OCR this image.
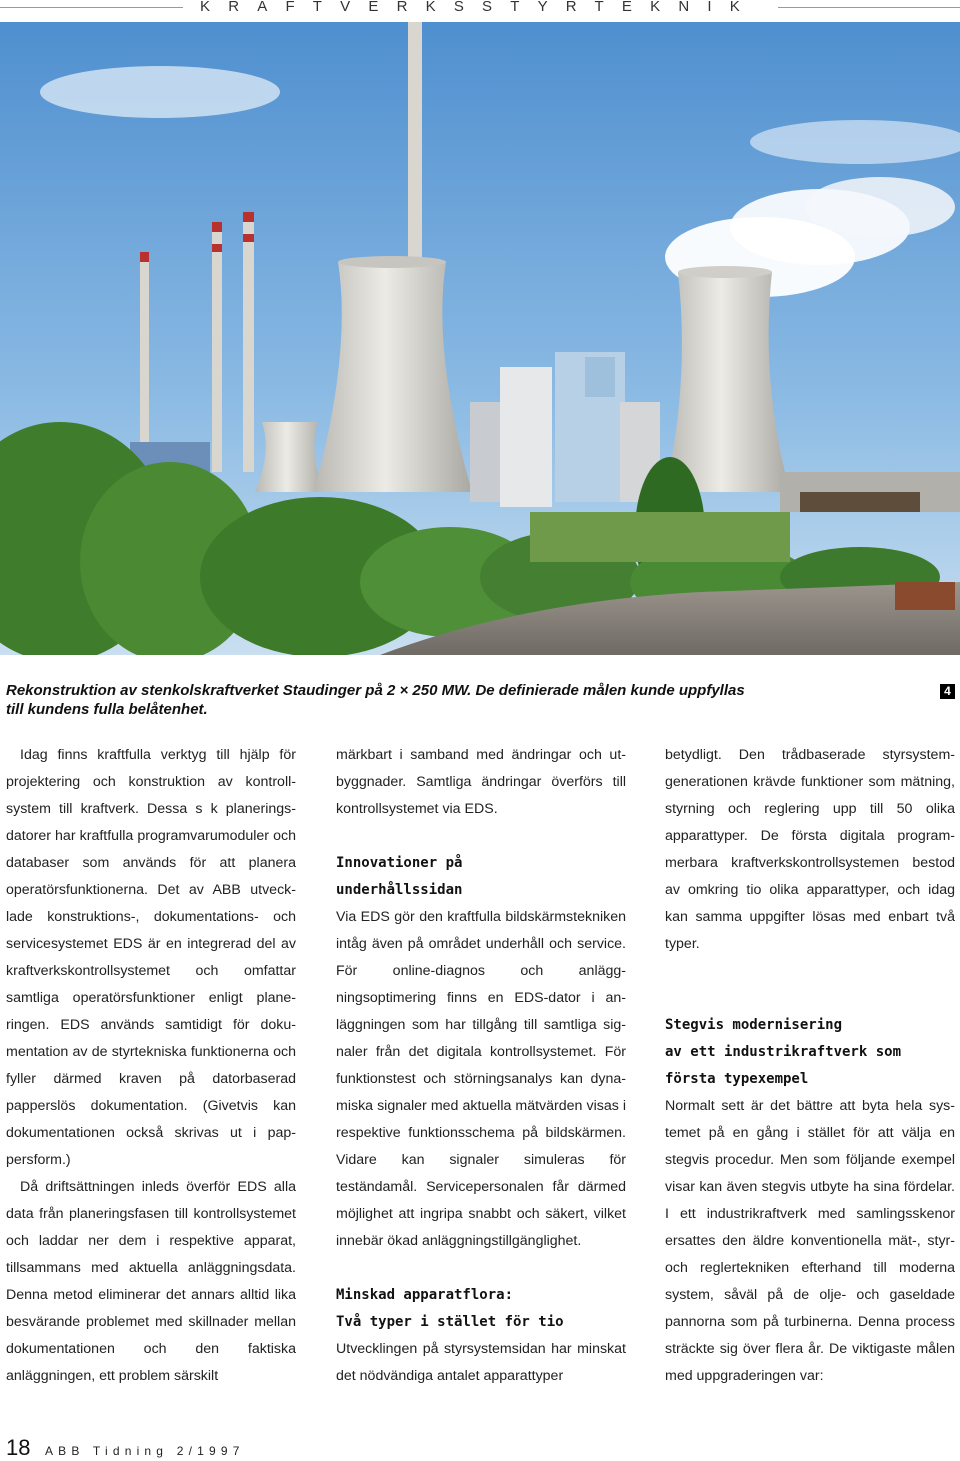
KRAFTVERKSSTYRTEKNIK
Rekonstruktion av stenkolskraftverket Staudinger på 2 × 250 MW. De definierade målen kunde uppfyllas till kundens fulla belåtenhet.
4

Idag finns kraftfulla verktyg till hjälp för projektering och konstruktion av kontrollsystem till kraftverk. Dessa s k planeringsdatorer har kraftfulla programvarumoduler och databaser som används för att planera operatörsfunktionerna. Det av ABB utvecklade konstruktions-, dokumentations- och servicesystemet EDS är en integrerad del av kraftverkskontrollsystemet och omfattar samtliga operatörsfunktioner enligt planeringen. EDS används samtidigt för dokumentation av de styrtekniska funktionerna och fyller därmed kraven på datorbaserad papperslös dokumentation. (Givetvis kan dokumentationen också skrivas ut i pappersform.)

Då driftsättningen inleds överför EDS alla data från planeringsfasen till kontrollsystemet och laddar ner dem i respektive apparat, tillsammans med aktuella anläggningsdata. Denna metod eliminerar det annars alltid lika besvärande problemet med skillnader mellan dokumentationen och den faktiska anläggningen, ett problem särskilt

märkbart i samband med ändringar och utbyggnader. Samtliga ändringar överförs till kontrollsystemet via EDS.

Innovationer på
underhållssidan

Via EDS gör den kraftfulla bildskärmstekniken intåg även på området underhåll och service. För online-diagnos och anläggningsoptimering finns en EDS-dator i anläggningen som har tillgång till samtliga signaler från det digitala kontrollsystemet. För funktionstest och störningsanalys kan dynamiska signaler med aktuella mätvärden visas i respektive funktionsschema på bildskärmen. Vidare kan signaler simuleras för teständamål. Servicepersonalen får därmed möjlighet att ingripa snabbt och säkert, vilket innebär ökad anläggningstillgänglighet.

Minskad apparatflora:
Två typer i stället för tio

Utvecklingen på styrsystemsidan har minskat det nödvändiga antalet apparattyper

betydligt. Den trådbaserade styrsystemgenerationen krävde funktioner som mätning, styrning och reglering upp till 50 olika apparattyper. De första digitala programmerbara kraftverkskontrollsystemen bestod av omkring tio olika apparattyper, och idag kan samma uppgifter lösas med enbart två typer.

Stegvis modernisering
av ett industrikraftverk som
första typexempel

Normalt sett är det bättre att byta hela systemet på en gång i stället för att välja en stegvis procedur. Men som följande exempel visar kan även stegvis utbyte ha sina fördelar. I ett industrikraftverk med samlingsskenor ersattes den äldre konventionella mät-, styr- och reglertekniken efterhand till moderna system, såväl på de olje- och gaseldade pannorna som på turbinerna. Denna process sträckte sig över flera år. De viktigaste målen med uppgraderingen var:

18 ABB Tidning 2/1997
